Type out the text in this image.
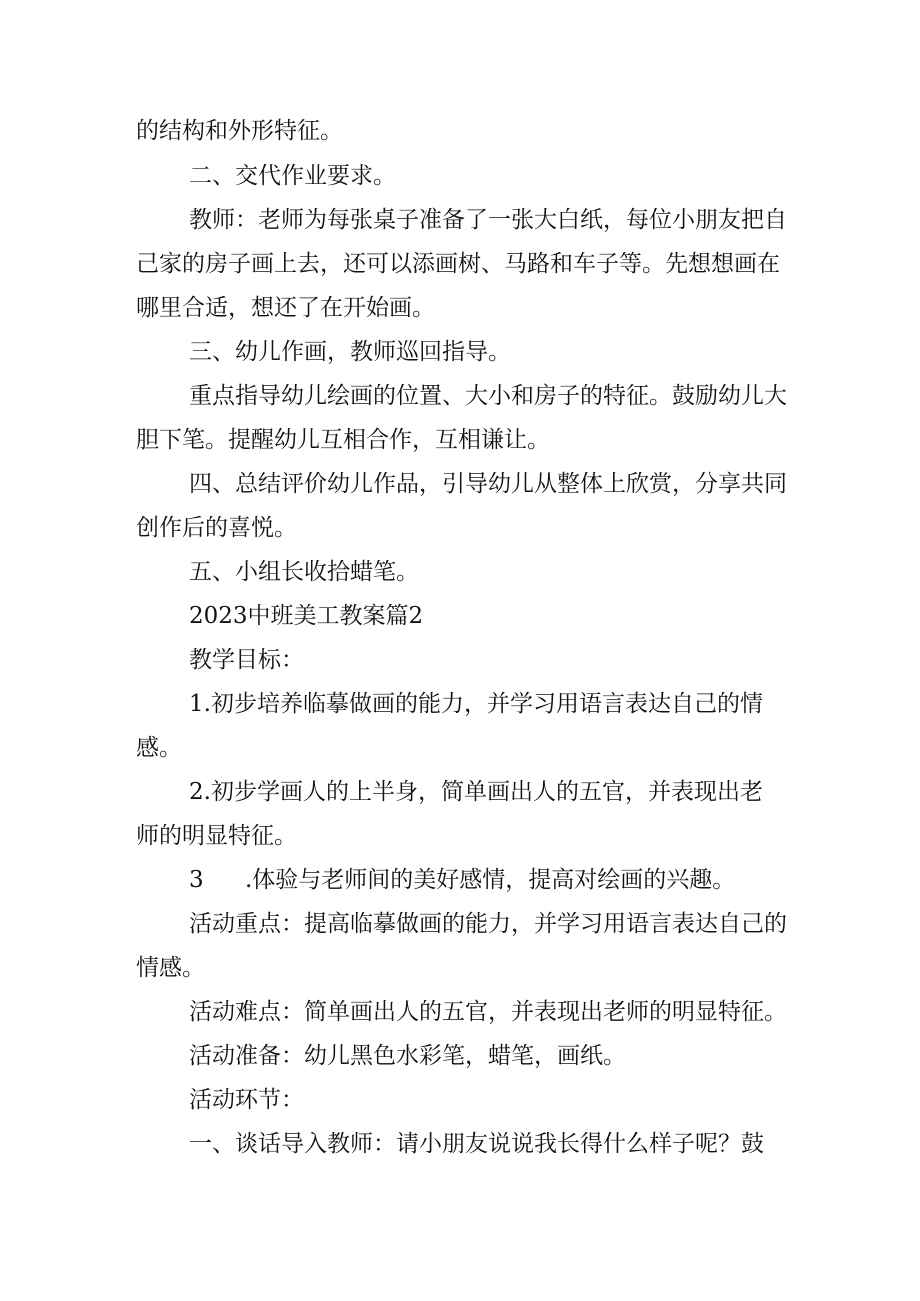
的结构和外形特征。
二、交代作业要求。
教师：老师为每张桌子准备了一张大白纸，每位小朋友把自
己家的房子画上去，还可以添画树、马路和车子等。先想想画在
哪里合适，想还了在开始画。
三、幼儿作画，教师巡回指导。
重点指导幼儿绘画的位置、大小和房子的特征。鼓励幼儿大
胆下笔。提醒幼儿互相合作，互相谦让。
四、总结评价幼儿作品，引导幼儿从整体上欣赏，分享共同
创作后的喜悦。
五、小组长收拾蜡笔。
2023中班美工教案篇2
教学目标：
1.初步培养临摹做画的能力，并学习用语言表达自己的情
感。
2.初步学画人的上半身，简单画出人的五官，并表现出老
师的明显特征。
3 .体验与老师间的美好感情，提高对绘画的兴趣。
活动重点：提高临摹做画的能力，并学习用语言表达自己的
情感。
活动难点：简单画出人的五官，并表现出老师的明显特征。
活动准备：幼儿黑色水彩笔，蜡笔，画纸。
活动环节：
一、谈话导入教师：请小朋友说说我长得什么样子呢？鼓
